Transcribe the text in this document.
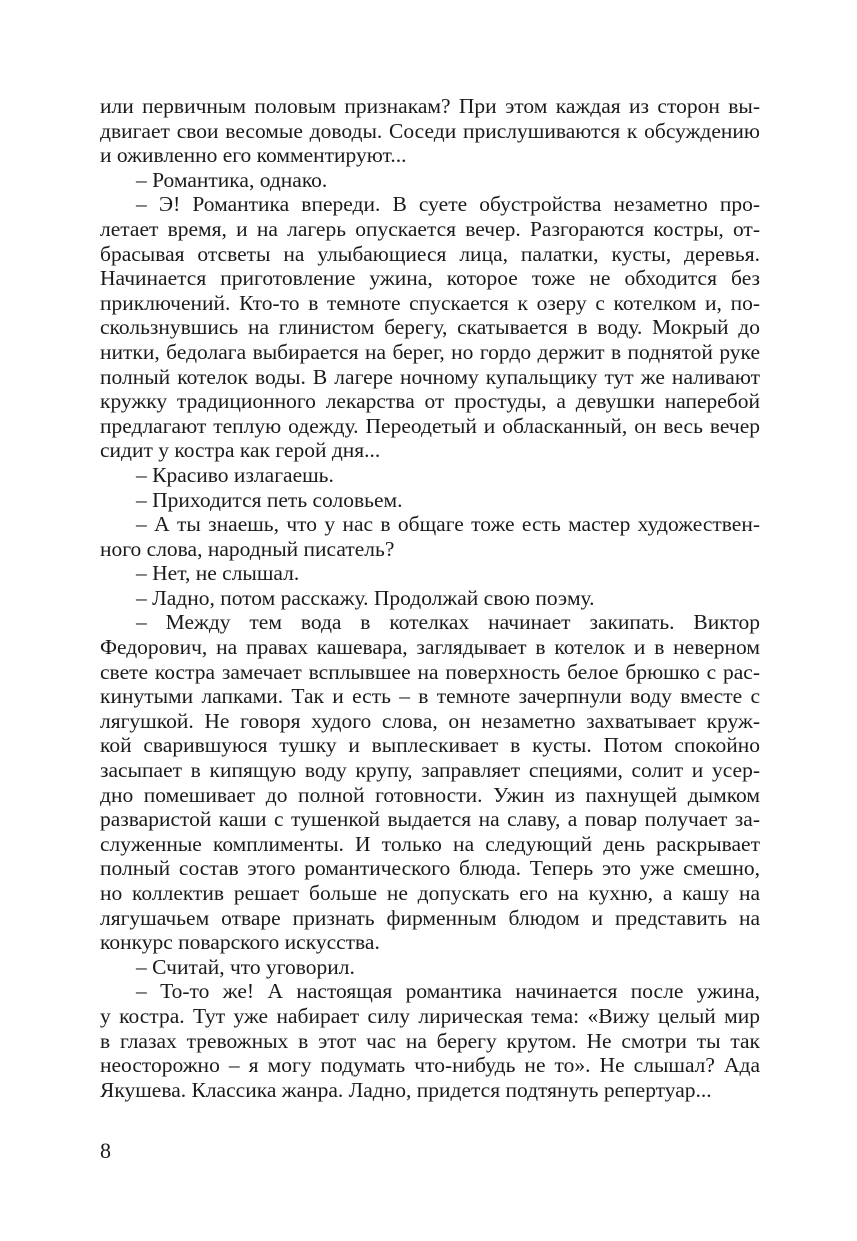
или первичным половым признакам? При этом каждая из сторон вы-
двигает свои весомые доводы. Соседи прислушиваются к обсуждению
и оживленно его комментируют...
– Романтика, однако.
– Э! Романтика впереди. В суете обустройства незаметно про-
летает время, и на лагерь опускается вечер. Разгораются костры, от-
брасывая отсветы на улыбающиеся лица, палатки, кусты, деревья.
Начинается приготовление ужина, которое тоже не обходится без
приключений. Кто-то в темноте спускается к озеру с котелком и, по-
скользнувшись на глинистом берегу, скатывается в воду. Мокрый до
нитки, бедолага выбирается на берег, но гордо держит в поднятой руке
полный котелок воды. В лагере ночному купальщику тут же наливают
кружку традиционного лекарства от простуды, а девушки наперебой
предлагают теплую одежду. Переодетый и обласканный, он весь вечер
сидит у костра как герой дня...
– Красиво излагаешь.
– Приходится петь соловьем.
– А ты знаешь, что у нас в общаге тоже есть мастер художествен-
ного слова, народный писатель?
– Нет, не слышал.
– Ладно, потом расскажу. Продолжай свою поэму.
– Между тем вода в котелках начинает закипать. Виктор
Федорович, на правах кашевара, заглядывает в котелок и в неверном
свете костра замечает всплывшее на поверхность белое брюшко с рас-
кинутыми лапками. Так и есть – в темноте зачерпнули воду вместе с
лягушкой. Не говоря худого слова, он незаметно захватывает круж-
кой сварившуюся тушку и выплескивает в кусты. Потом спокойно
засыпает в кипящую воду крупу, заправляет специями, солит и усер-
дно помешивает до полной готовности. Ужин из пахнущей дымком
разваристой каши с тушенкой выдается на славу, а повар получает за-
служенные комплименты. И только на следующий день раскрывает
полный состав этого романтического блюда. Теперь это уже смешно,
но коллектив решает больше не допускать его на кухню, а кашу на
лягушачьем отваре признать фирменным блюдом и представить на
конкурс поварского искусства.
– Считай, что уговорил.
– То-то же! А настоящая романтика начинается после ужина,
у костра. Тут уже набирает силу лирическая тема: «Вижу целый мир
в глазах тревожных в этот час на берегу крутом. Не смотри ты так
неосторожно – я могу подумать что-нибудь не то». Не слышал? Ада
Якушева. Классика жанра. Ладно, придется подтянуть репертуар...
8
